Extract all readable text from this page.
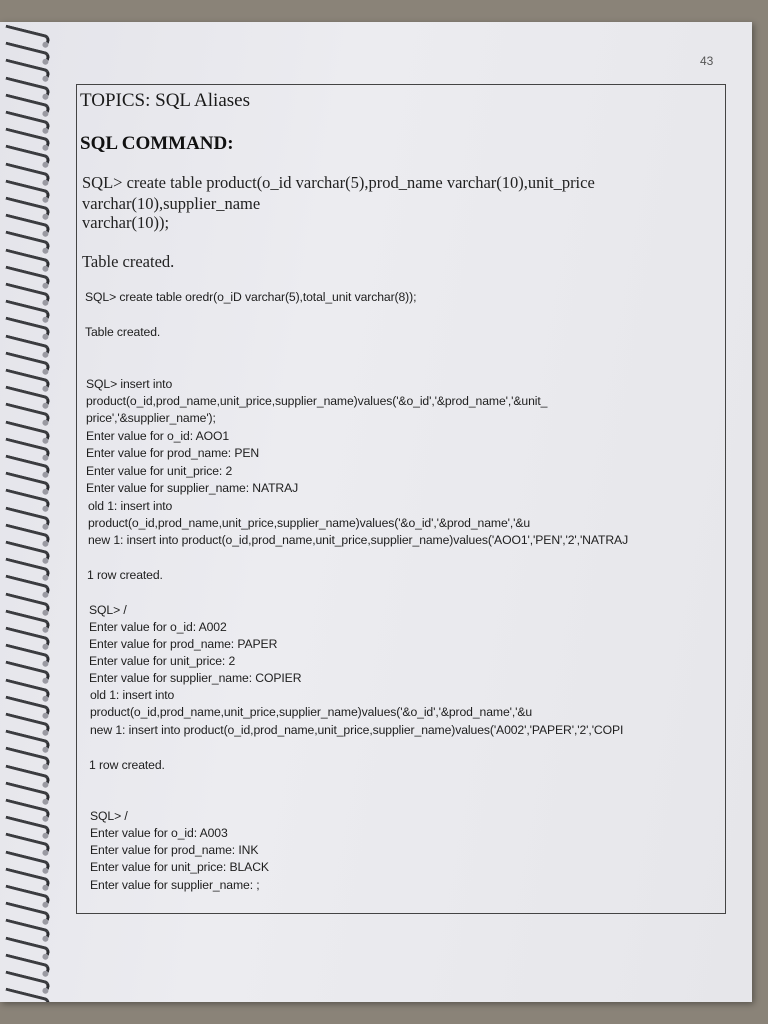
43
TOPICS: SQL Aliases
SQL COMMAND:
SQL> create table product(o_id varchar(5),prod_name varchar(10),unit_price
varchar(10),supplier_name
varchar(10));
Table created.
SQL> create table oredr(o_iD varchar(5),total_unit varchar(8));
Table created.
SQL> insert into
product(o_id,prod_name,unit_price,supplier_name)values('&o_id','&prod_name','&unit_
price','&supplier_name');
Enter value for o_id: AOO1
Enter value for prod_name: PEN
Enter value for unit_price: 2
Enter value for supplier_name: NATRAJ
old 1: insert into
product(o_id,prod_name,unit_price,supplier_name)values('&o_id','&prod_name','&u
new 1: insert into product(o_id,prod_name,unit_price,supplier_name)values('AOO1','PEN','2','NATRAJ
1 row created.
SQL> /
Enter value for o_id: A002
Enter value for prod_name: PAPER
Enter value for unit_price: 2
Enter value for supplier_name: COPIER
old 1: insert into
product(o_id,prod_name,unit_price,supplier_name)values('&o_id','&prod_name','&u
new 1: insert into product(o_id,prod_name,unit_price,supplier_name)values('A002','PAPER','2','COPI
1 row created.
SQL> /
Enter value for o_id: A003
Enter value for prod_name: INK
Enter value for unit_price: BLACK
Enter value for supplier_name: ;
